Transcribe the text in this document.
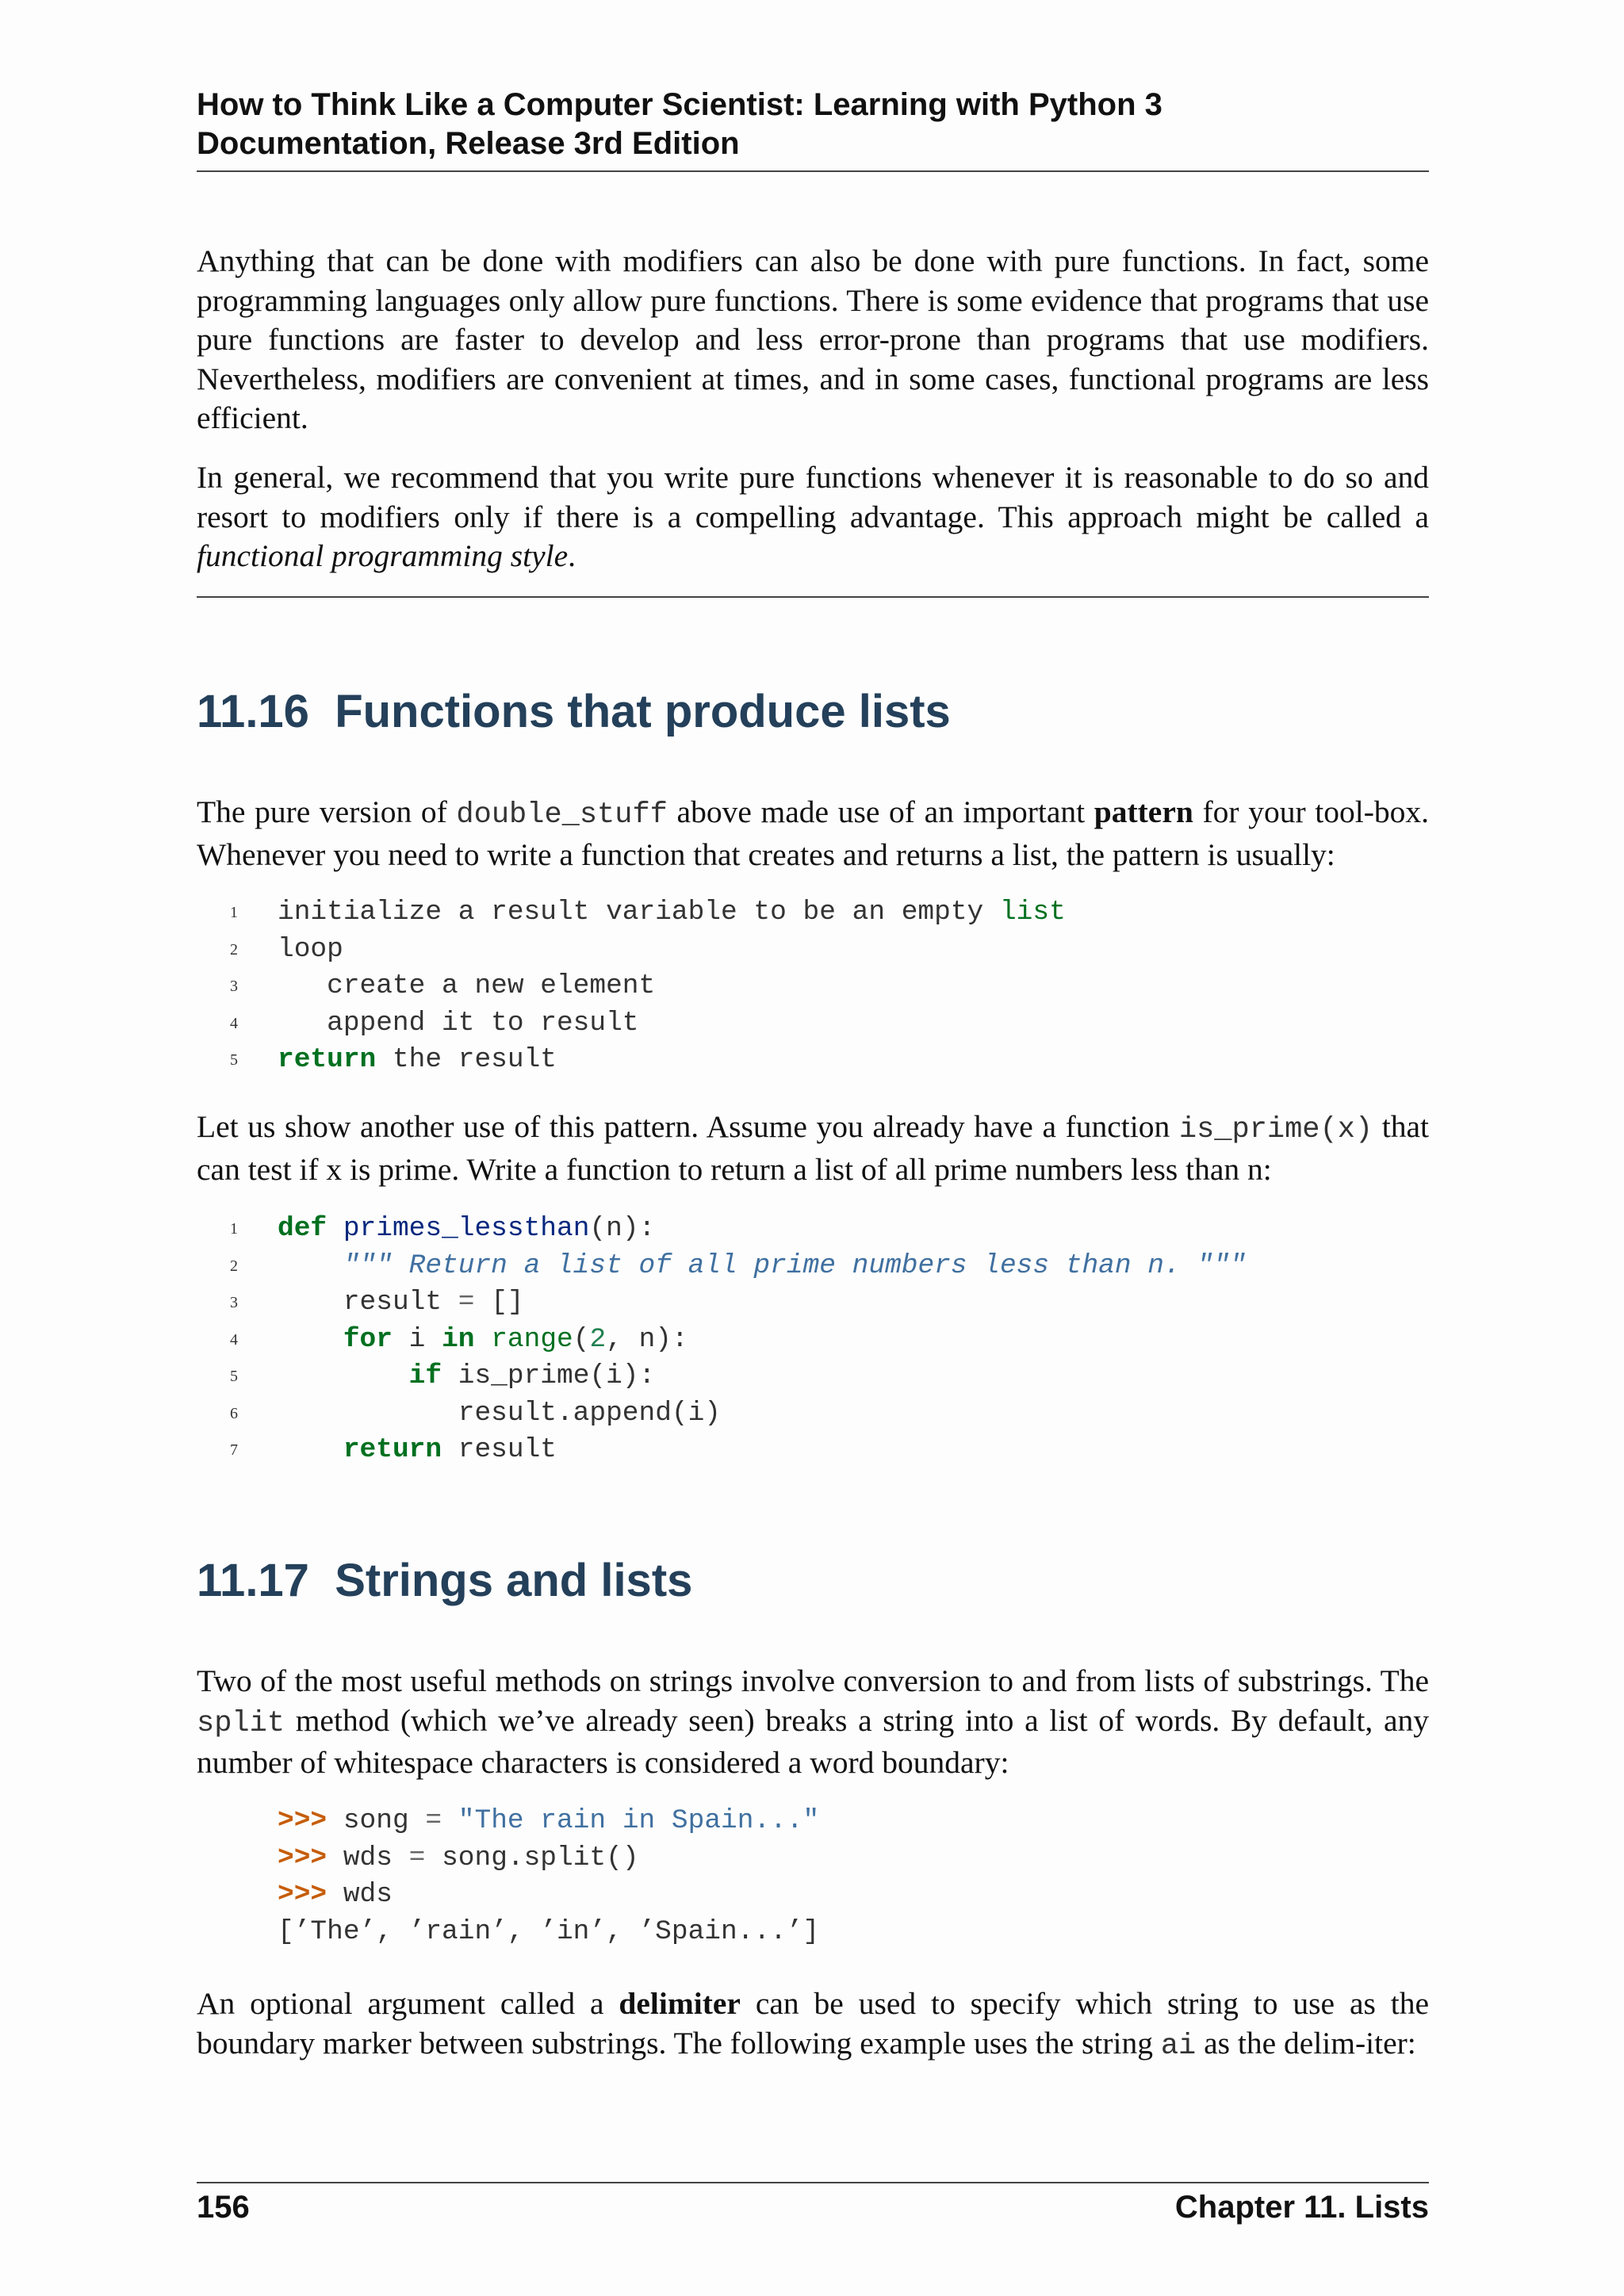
How to Think Like a Computer Scientist: Learning with Python 3
Documentation, Release 3rd Edition
Anything that can be done with modifiers can also be done with pure functions. In fact, some programming languages only allow pure functions. There is some evidence that programs that use pure functions are faster to develop and less error-prone than programs that use modifiers. Nevertheless, modifiers are convenient at times, and in some cases, functional programs are less efficient.
In general, we recommend that you write pure functions whenever it is reasonable to do so and resort to modifiers only if there is a compelling advantage. This approach might be called a functional programming style.
11.16 Functions that produce lists
The pure version of double_stuff above made use of an important pattern for your tool-box. Whenever you need to write a function that creates and returns a list, the pattern is usually:
1 initialize a result variable to be an empty list
2 loop
3   create a new element
4   append it to result
5 return the result
Let us show another use of this pattern. Assume you already have a function is_prime(x) that can test if x is prime. Write a function to return a list of all prime numbers less than n:
1 def primes_lessthan(n):
2	""" Return a list of all prime numbers less than n. """
3	result = []
4	for i in range(2, n):
5	if is_prime(i):
6	result.append(i)
7	return result
11.17 Strings and lists
Two of the most useful methods on strings involve conversion to and from lists of substrings. The split method (which we’ve already seen) breaks a string into a list of words. By default, any number of whitespace characters is considered a word boundary:
>>> song = "The rain in Spain..."
>>> wds = song.split()
>>> wds
[’The’, ’rain’, ’in’, ’Spain...’]
An optional argument called a delimiter can be used to specify which string to use as the boundary marker between substrings. The following example uses the string ai as the delim-iter:
156	Chapter 11. Lists
